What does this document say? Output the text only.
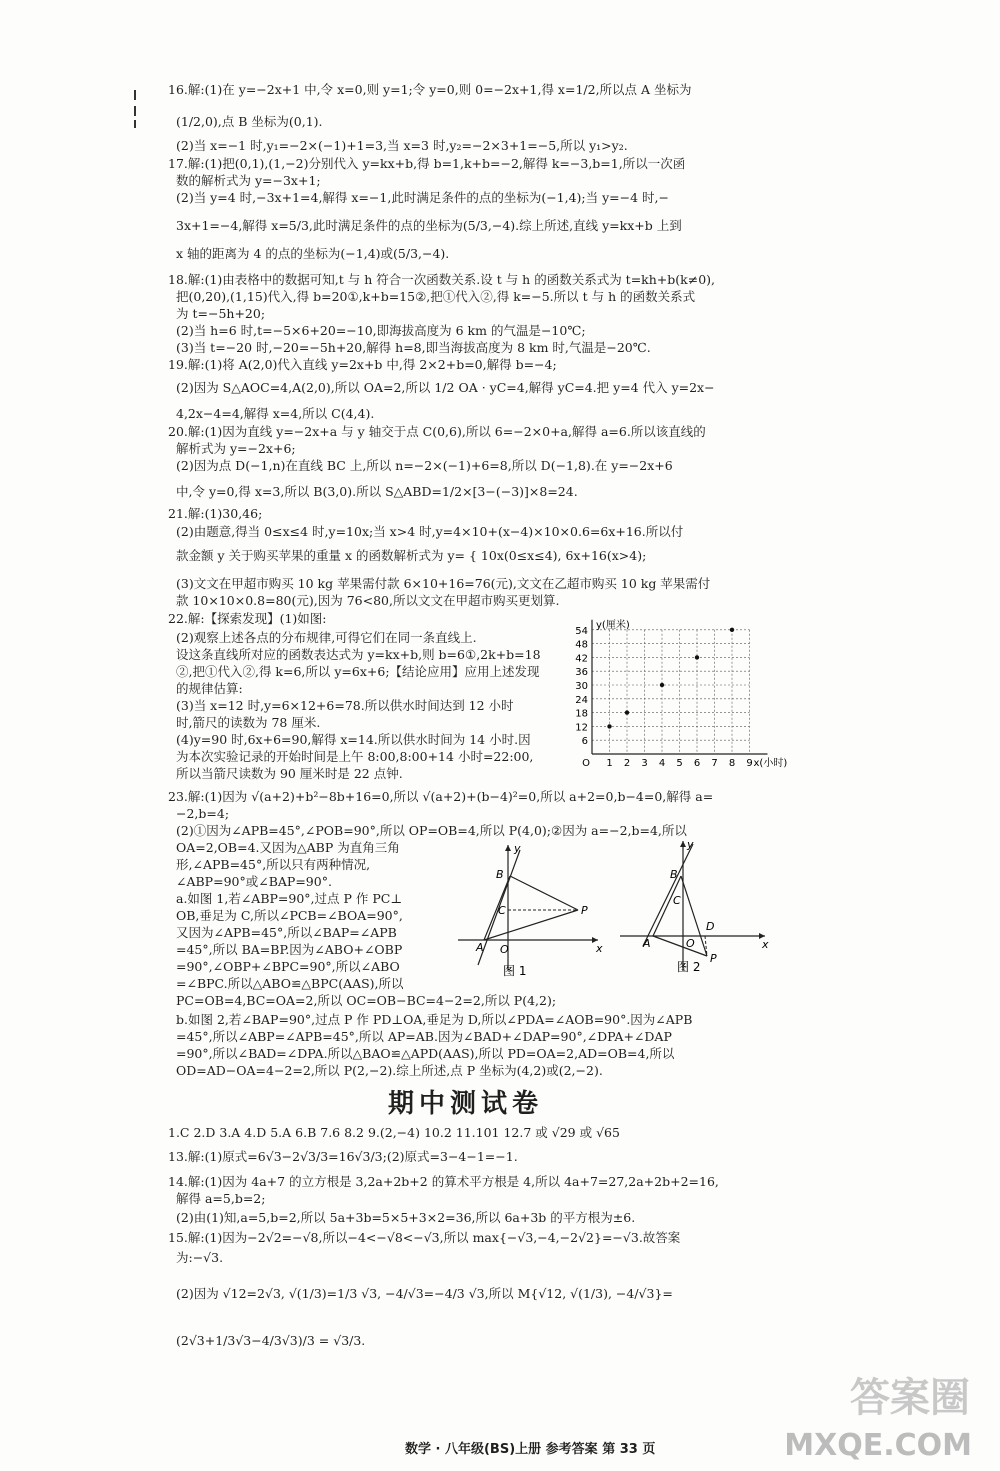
16.解:(1)在 y=−2x+1 中,令 x=0,则 y=1;令 y=0,则 0=−2x+1,得 x=1/2,所以点 A 坐标为
(1/2,0),点 B 坐标为(0,1).
(2)当 x=−1 时,y₁=−2×(−1)+1=3,当 x=3 时,y₂=−2×3+1=−5,所以 y₁>y₂.
17.解:(1)把(0,1),(1,−2)分别代入 y=kx+b,得 b=1,k+b=−2,解得 k=−3,b=1,所以一次函
数的解析式为 y=−3x+1;
(2)当 y=4 时,−3x+1=4,解得 x=−1,此时满足条件的点的坐标为(−1,4);当 y=−4 时,−
3x+1=−4,解得 x=5/3,此时满足条件的点的坐标为(5/3,−4).综上所述,直线 y=kx+b 上到
x 轴的距离为 4 的点的坐标为(−1,4)或(5/3,−4).
18.解:(1)由表格中的数据可知,t 与 h 符合一次函数关系.设 t 与 h 的函数关系式为 t=kh+b(k≠0),
把(0,20),(1,15)代入,得 b=20①,k+b=15②,把①代入②,得 k=−5.所以 t 与 h 的函数关系式
为 t=−5h+20;
(2)当 h=6 时,t=−5×6+20=−10,即海拔高度为 6 km 的气温是−10℃;
(3)当 t=−20 时,−20=−5h+20,解得 h=8,即当海拔高度为 8 km 时,气温是−20℃.
19.解:(1)将 A(2,0)代入直线 y=2x+b 中,得 2×2+b=0,解得 b=−4;
(2)因为 S△AOC=4,A(2,0),所以 OA=2,所以 1/2 OA · yC=4,解得 yC=4.把 y=4 代入 y=2x−
4,2x−4=4,解得 x=4,所以 C(4,4).
20.解:(1)因为直线 y=−2x+a 与 y 轴交于点 C(0,6),所以 6=−2×0+a,解得 a=6.所以该直线的
解析式为 y=−2x+6;
(2)因为点 D(−1,n)在直线 BC 上,所以 n=−2×(−1)+6=8,所以 D(−1,8).在 y=−2x+6
中,令 y=0,得 x=3,所以 B(3,0).所以 S△ABD=1/2×[3−(−3)]×8=24.
21.解:(1)30,46;
(2)由题意,得当 0≤x≤4 时,y=10x;当 x>4 时,y=4×10+(x−4)×10×0.6=6x+16.所以付
款金额 y 关于购买苹果的重量 x 的函数解析式为 y= { 10x(0≤x≤4), 6x+16(x>4);
(3)文文在甲超市购买 10 kg 苹果需付款 6×10+16=76(元),文文在乙超市购买 10 kg 苹果需付
款 10×10×0.8=80(元),因为 76<80,所以文文在甲超市购买更划算.
22.解:【探索发现】(1)如图:
(2)观察上述各点的分布规律,可得它们在同一条直线上.
设这条直线所对应的函数表达式为 y=kx+b,则 b=6①,2k+b=18
②,把①代入②,得 k=6,所以 y=6x+6;【结论应用】应用上述发现
的规律估算:
(3)当 x=12 时,y=6×12+6=78.所以供水时间达到 12 小时
时,箭尺的读数为 78 厘米.
(4)y=90 时,6x+6=90,解得 x=14.所以供水时间为 14 小时.因
为本次实验记录的开始时间是上午 8:00,8:00+14 小时=22:00,
所以当箭尺读数为 90 厘米时是 22 点钟.
54
48
42
36
30
24
18
12
6
1 2 3 4 5 6 7 8 9
O
y(厘米)
x(小时)
23.解:(1)因为 √(a+2)+b²−8b+16=0,所以 √(a+2)+(b−4)²=0,所以 a+2=0,b−4=0,解得 a=
−2,b=4;
(2)①因为∠APB=45°,∠POB=90°,所以 OP=OB=4,所以 P(4,0);②因为 a=−2,b=4,所以
OA=2,OB=4.又因为△ABP 为直角三角
形,∠APB=45°,所以只有两种情况,
∠ABP=90°或∠BAP=90°.
a.如图 1,若∠ABP=90°,过点 P 作 PC⊥
OB,垂足为 C,所以∠PCB=∠BOA=90°,
又因为∠APB=45°,所以∠BAP=∠APB
=45°,所以 BA=BP.因为∠ABO+∠OBP
=90°,∠OBP+∠BPC=90°,所以∠ABO
=∠BPC.所以△ABO≌△BPC(AAS),所以
PC=OB=4,BC=OA=2,所以 OC=OB−BC=4−2=2,所以 P(4,2);
b.如图 2,若∠BAP=90°,过点 P 作 PD⊥OA,垂足为 D,所以∠PDA=∠AOB=90°.因为∠APB
=45°,所以∠ABP=∠APB=45°,所以 AP=AB.因为∠BAD+∠DAP=90°,∠DPA+∠DAP
=90°,所以∠BAD=∠DPA.所以△BAO≌△APD(AAS),所以 PD=OA=2,AD=OB=4,所以
OD=AD−OA=4−2=2,所以 P(2,−2).综上所述,点 P 坐标为(4,2)或(2,−2).
y
B
C	P
A O	x
图 1
y
B
C
D
A	O
P
x
图 2
期中测试卷
1.C 2.D 3.A 4.D 5.A 6.B 7.6 8.2 9.(2,−4) 10.2 11.101 12.7 或 √29 或 √65
13.解:(1)原式=6√3−2√3/3=16√3/3;(2)原式=3−4−1=−1.
14.解:(1)因为 4a+7 的立方根是 3,2a+2b+2 的算术平方根是 4,所以 4a+7=27,2a+2b+2=16,
解得 a=5,b=2;
(2)由(1)知,a=5,b=2,所以 5a+3b=5×5+3×2=36,所以 6a+3b 的平方根为±6.
15.解:(1)因为−2√2=−√8,所以−4<−√8<−√3,所以 max{−√3,−4,−2√2}=−√3.故答案
为:−√3.
(2)因为 √12=2√3, √(1/3)=1/3 √3, −4/√3=−4/3 √3,所以 M{√12, √(1/3), −4/√3}=
(2√3+1/3√3−4/3√3)/3 = √3/3.
数学 · 八年级(BS)上册 参考答案 第 33 页
答案圈
MXQE.COM
